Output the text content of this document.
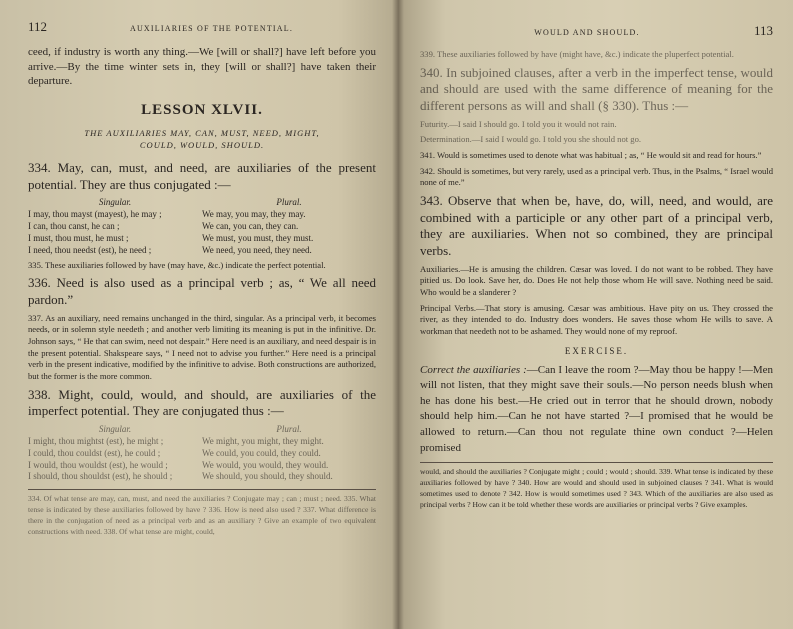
112	AUXILIARIES OF THE POTENTIAL.

ceed, if industry is worth any thing.—We [will or shall?] have left before you arrive.—By the time winter sets in, they [will or shall?] have taken their departure.

LESSON XLVII.
THE AUXILIARIES MAY, CAN, MUST, NEED, MIGHT,
COULD, WOULD, SHOULD.

334. May, can, must, and need, are auxiliaries of the present potential. They are thus conjugated :—

Singular.	Plural.
I may, thou mayst (mayest), he may ;	We may, you may, they may.
I can, thou canst, he can ;	We can, you can, they can.
I must, thou must, he must ;	We must, you must, they must.
I need, thou needst (est), he need ;	We need, you need, they need.

335. These auxiliaries followed by have (may have, &c.) indicate the perfect potential.

336. Need is also used as a principal verb ; as, “ We all need pardon.”

337. As an auxiliary, need remains unchanged in the third, singular. As a principal verb, it becomes needs, or in solemn style needeth ; and another verb limiting its meaning is put in the infinitive. Dr. Johnson says, “ He that can swim, need not despair.” Here need is an auxiliary, and need despair is in the present potential. Shakspeare says, “ I need not to advise you further.” Here need is a principal verb in the present indicative, modified by the infinitive to advise. Both constructions are authorized, but the former is the more common.

338. Might, could, would, and should, are auxiliaries of the imperfect potential. They are conjugated thus :—

Singular.	Plural.
I might, thou mightst (est), he might ;	We might, you might, they might.
I could, thou couldst (est), he could ;	We could, you could, they could.
I would, thou wouldst (est), he would ;	We would, you would, they would.
I should, thou shouldst (est), he should ;	We should, you should, they should.

334. Of what tense are may, can, must, and need the auxiliaries ? Conjugate may ; can ; must ; need. 335. What tense is indicated by these auxiliaries followed by have ? 336. How is need also used ? 337. What difference is there in the conjugation of need as a principal verb and as an auxiliary ? Give an example of two equivalent constructions with need. 338. Of what tense are might, could,

WOULD AND SHOULD.	113

339. These auxiliaries followed by have (might have, &c.) indicate the pluperfect potential.

340. In subjoined clauses, after a verb in the imperfect tense, would and should are used with the same difference of meaning for the different persons as will and shall (§ 330). Thus :—

Futurity.—I said I should go. I told you it would not rain.

Determination.—I said I would go. I told you she should not go.

341. Would is sometimes used to denote what was habitual ; as, “ He would sit and read for hours.”

342. Should is sometimes, but very rarely, used as a principal verb. Thus, in the Psalms, “ Israel would none of me.”

343. Observe that when be, have, do, will, need, and would, are combined with a participle or any other part of a principal verb, they are auxiliaries. When not so combined, they are principal verbs.

Auxiliaries.—He is amusing the children. Cæsar was loved. I do not want to be robbed. They have pitied us. Do look. Save her, do. Does He not help those whom He will save. Nothing need be said. Who would be a slanderer ?

Principal Verbs.—That story is amusing. Cæsar was ambitious. Have pity on us. They crossed the river, as they intended to do. Industry does wonders. He saves those whom He wills to save. A workman that needeth not to be ashamed. They would none of my reproof.

EXERCISE.

Correct the auxiliaries :—Can I leave the room ?—May thou be happy !—Men will not listen, that they might save their souls.—No person needs blush when he has done his best.—He cried out in terror that he should drown, nobody should help him.—Can he not have started ?—I promised that he would be allowed to return.—Can thou not regulate thine own conduct ?—Helen promised

would, and should the auxiliaries ? Conjugate might ; could ; would ; should. 339. What tense is indicated by these auxiliaries followed by have ? 340. How are would and should used in subjoined clauses ? 341. What is would sometimes used to denote ? 342. How is would sometimes used ? 343. Which of the auxiliaries are also used as principal verbs ? How can it be told whether these words are auxiliaries or principal verbs ? Give examples.
